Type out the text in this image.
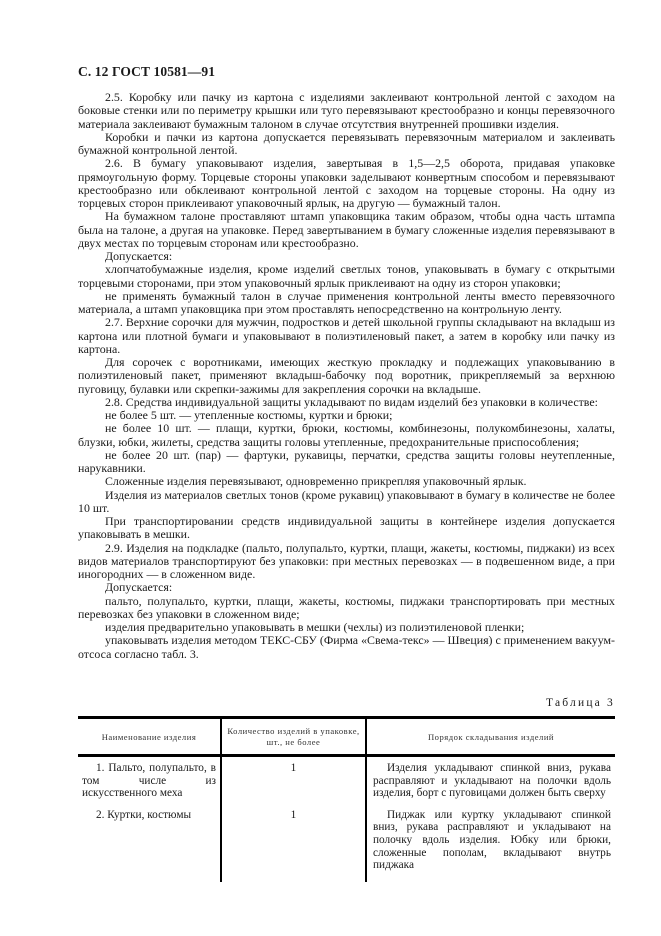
С. 12 ГОСТ 10581—91

2.5. Коробку или пачку из картона с изделиями заклеивают контрольной лентой с заходом на боковые стенки или по периметру крышки или туго перевязывают крестообразно и концы перевязочного материала заклеивают бумажным талоном в случае отсутствия внутренней прошивки изделия.

Коробки и пачки из картона допускается перевязывать перевязочным материалом и заклеивать бумажной контрольной лентой.

2.6. В бумагу упаковывают изделия, завертывая в 1,5—2,5 оборота, придавая упаковке прямоугольную форму. Торцевые стороны упаковки заделывают конвертным способом и перевязывают крестообразно или обклеивают контрольной лентой с заходом на торцевые стороны. На одну из торцевых сторон приклеивают упаковочный ярлык, на другую — бумажный талон.

На бумажном талоне проставляют штамп упаковщика таким образом, чтобы одна часть штампа была на талоне, а другая на упаковке. Перед завертыванием в бумагу сложенные изделия перевязывают в двух местах по торцевым сторонам или крестообразно.

Допускается:

хлопчатобумажные изделия, кроме изделий светлых тонов, упаковывать в бумагу с открытыми торцевыми сторонами, при этом упаковочный ярлык приклеивают на одну из сторон упаковки;

не применять бумажный талон в случае применения контрольной ленты вместо перевязочного материала, а штамп упаковщика при этом проставлять непосредственно на контрольную ленту.

2.7. Верхние сорочки для мужчин, подростков и детей школьной группы складывают на вкладыш из картона или плотной бумаги и упаковывают в полиэтиленовый пакет, а затем в коробку или пачку из картона.

Для сорочек с воротниками, имеющих жесткую прокладку и подлежащих упаковыванию в полиэтиленовый пакет, применяют вкладыш-бабочку под воротник, прикрепляемый за верхнюю пуговицу, булавки или скрепки-зажимы для закрепления сорочки на вкладыше.

2.8. Средства индивидуальной защиты укладывают по видам изделий без упаковки в количестве:

не более 5 шт. — утепленные костюмы, куртки и брюки;

не более 10 шт. — плащи, куртки, брюки, костюмы, комбинезоны, полукомбинезоны, халаты, блузки, юбки, жилеты, средства защиты головы утепленные, предохранительные приспособления;

не более 20 шт. (пар) — фартуки, рукавицы, перчатки, средства защиты головы неутепленные, нарукавники.

Сложенные изделия перевязывают, одновременно прикрепляя упаковочный ярлык.

Изделия из материалов светлых тонов (кроме рукавиц) упаковывают в бумагу в количестве не более 10 шт.

При транспортировании средств индивидуальной защиты в контейнере изделия допускается упаковывать в мешки.

2.9. Изделия на подкладке (пальто, полупальто, куртки, плащи, жакеты, костюмы, пиджаки) из всех видов материалов транспортируют без упаковки: при местных перевозках — в подвешенном виде, а при иногородних — в сложенном виде.

Допускается:

пальто, полупальто, куртки, плащи, жакеты, костюмы, пиджаки транспортировать при местных перевозках без упаковки в сложенном виде;

изделия предварительно упаковывать в мешки (чехлы) из полиэтиленовой пленки;

упаковывать изделия методом ТЕКС-СБУ (Фирма «Свема-текс» — Швеция) с применением вакуум-отсоса согласно табл. 3.

Таблица 3
Наименование изделия	Количество изделий в упаковке, шт., не более	Порядок складывания изделий
1. Пальто, полупальто, в том числе из искусственного меха	1	Изделия укладывают спинкой вниз, рукава расправляют и укладывают на полочки вдоль изделия, борт с пуговицами должен быть сверху
2. Куртки, костюмы	1	Пиджак или куртку укладывают спинкой вниз, рукава расправляют и укладывают на полочку вдоль изделия. Юбку или брюки, сложенные пополам, вкладывают внутрь пиджака
